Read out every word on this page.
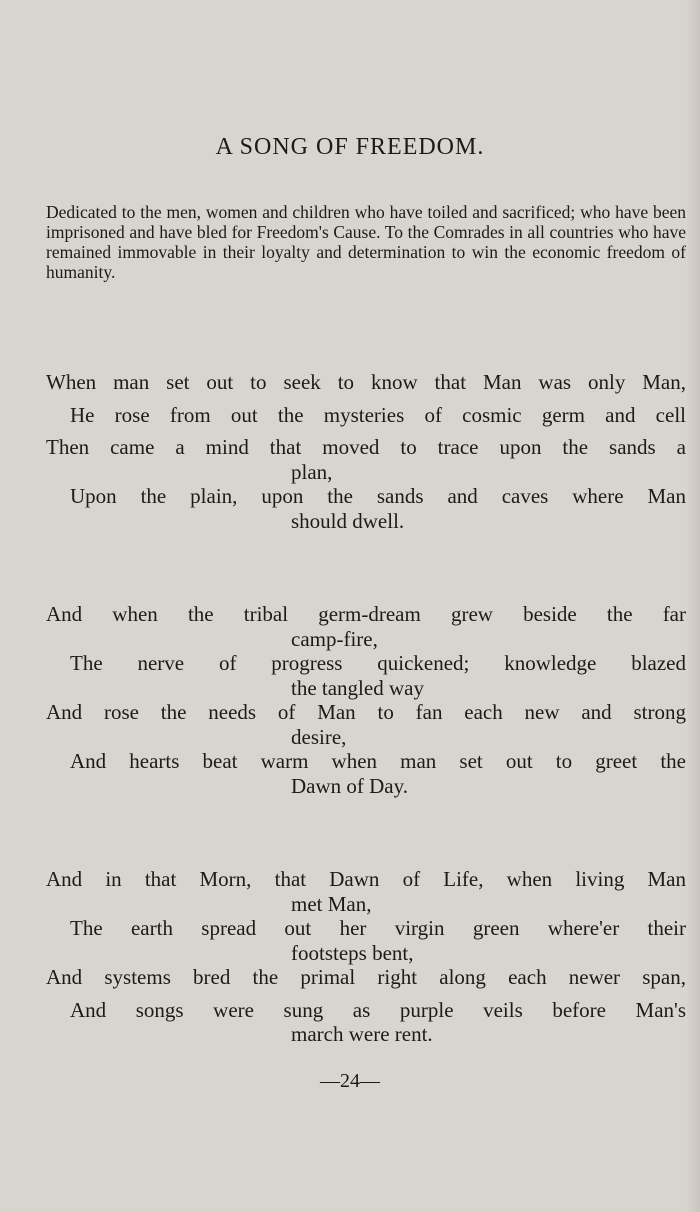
A SONG OF FREEDOM.
Dedicated to the men, women and children who have toiled and sacrificed; who have been imprisoned and have bled for Freedom's Cause. To the Comrades in all countries who have remained immovable in their loyalty and determination to win the economic freedom of humanity.
When man set out to seek to know that Man was only Man,
He rose from out the mysteries of cosmic germ and cell
Then came a mind that moved to trace upon the sands a
plan,
Upon the plain, upon the sands and caves where Man
should dwell.
And when the tribal germ-dream grew beside the far
camp-fire,
The nerve of progress quickened; knowledge blazed
the tangled way
And rose the needs of Man to fan each new and strong
desire,
And hearts beat warm when man set out to greet the
Dawn of Day.
And in that Morn, that Dawn of Life, when living Man
met Man,
The earth spread out her virgin green where'er their
footsteps bent,
And systems bred the primal right along each newer span,
And songs were sung as purple veils before Man's
march were rent.
—24—
